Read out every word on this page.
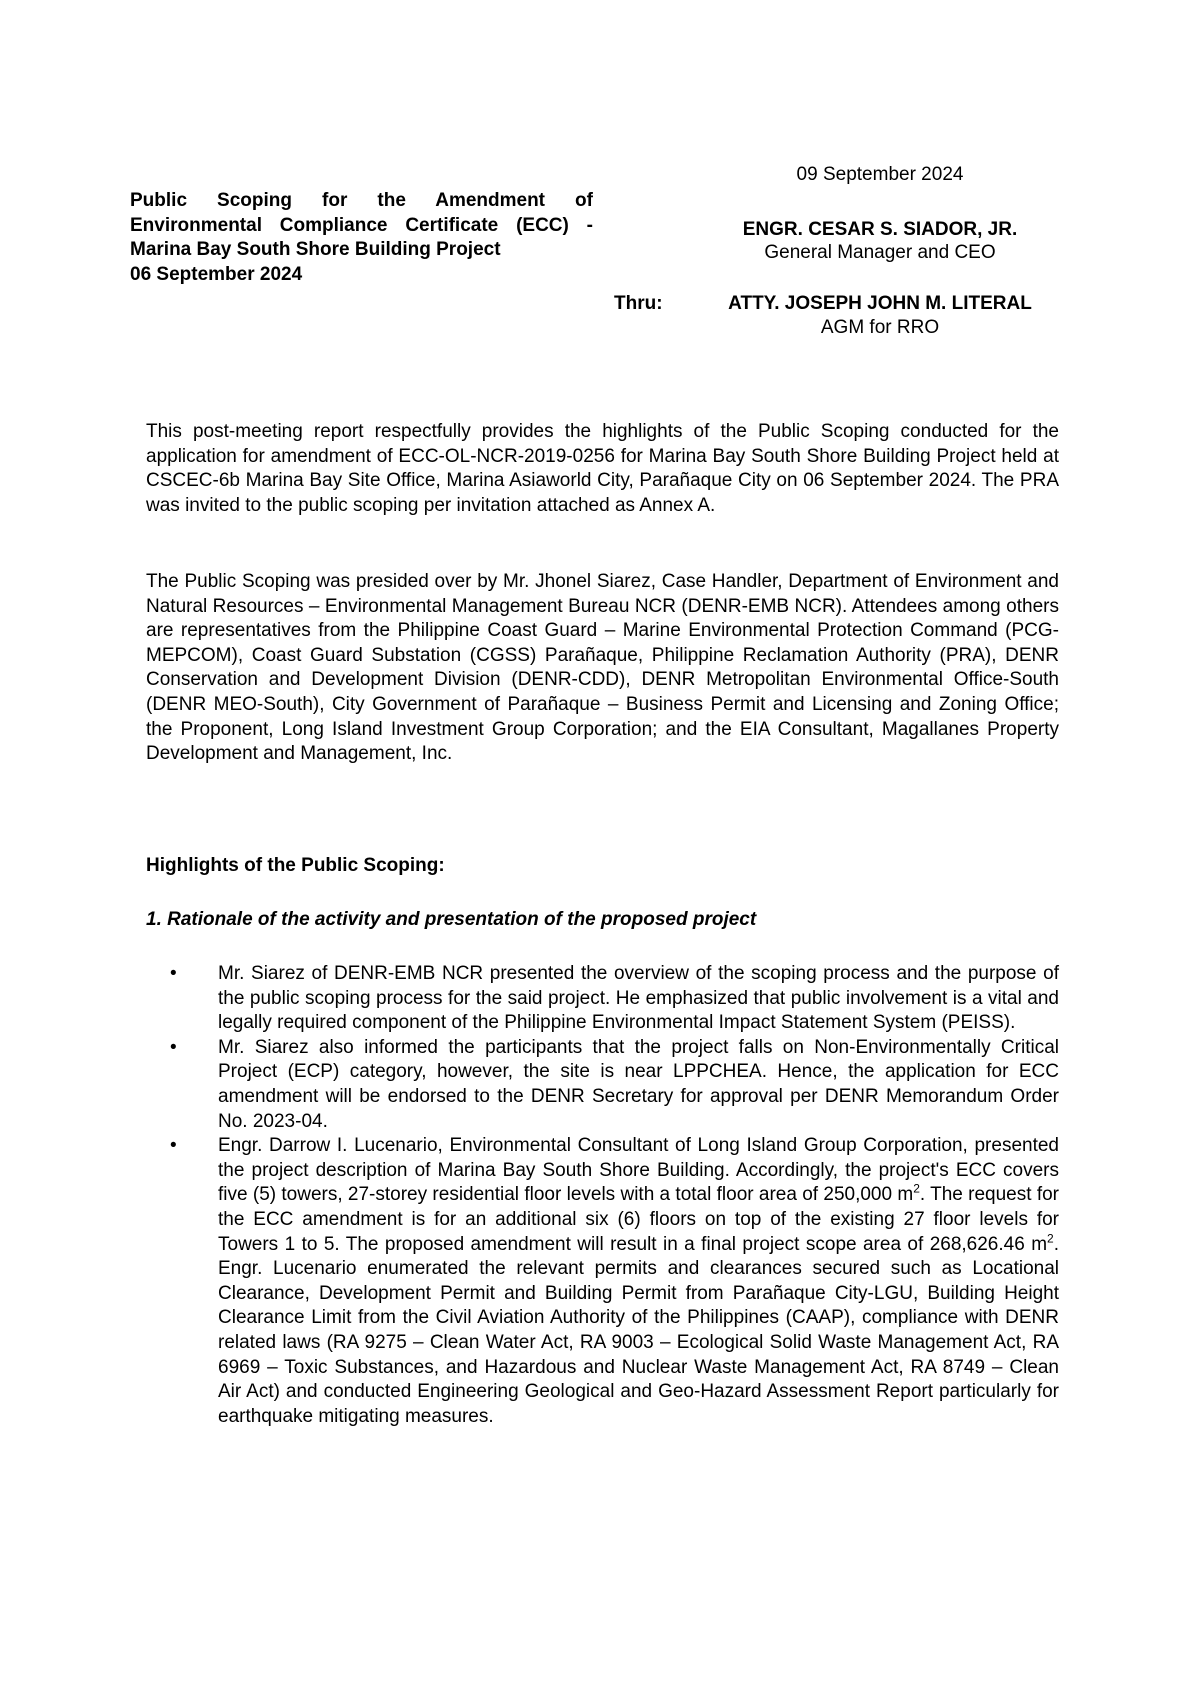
Public Scoping for the Amendment of Environmental Compliance Certificate (ECC) - Marina Bay South Shore Building Project
06 September 2024
09 September 2024
ENGR. CESAR S. SIADOR, JR.
General Manager and CEO
Thru:	ATTY. JOSEPH JOHN M. LITERAL
AGM for RRO
This post-meeting report respectfully provides the highlights of the Public Scoping conducted for the application for amendment of ECC-OL-NCR-2019-0256 for Marina Bay South Shore Building Project held at CSCEC-6b Marina Bay Site Office, Marina Asiaworld City, Parañaque City on 06 September 2024. The PRA was invited to the public scoping per invitation attached as Annex A.
The Public Scoping was presided over by Mr. Jhonel Siarez, Case Handler, Department of Environment and Natural Resources – Environmental Management Bureau NCR (DENR-EMB NCR). Attendees among others are representatives from the Philippine Coast Guard – Marine Environmental Protection Command (PCG-MEPCOM), Coast Guard Substation (CGSS) Parañaque, Philippine Reclamation Authority (PRA), DENR Conservation and Development Division (DENR-CDD), DENR Metropolitan Environmental Office-South (DENR MEO-South), City Government of Parañaque – Business Permit and Licensing and Zoning Office; the Proponent, Long Island Investment Group Corporation; and the EIA Consultant, Magallanes Property Development and Management, Inc.
Highlights of the Public Scoping:
1. Rationale of the activity and presentation of the proposed project
• Mr. Siarez of DENR-EMB NCR presented the overview of the scoping process and the purpose of the public scoping process for the said project. He emphasized that public involvement is a vital and legally required component of the Philippine Environmental Impact Statement System (PEISS).
• Mr. Siarez also informed the participants that the project falls on Non-Environmentally Critical Project (ECP) category, however, the site is near LPPCHEA. Hence, the application for ECC amendment will be endorsed to the DENR Secretary for approval per DENR Memorandum Order No. 2023-04.
• Engr. Darrow I. Lucenario, Environmental Consultant of Long Island Group Corporation, presented the project description of Marina Bay South Shore Building. Accordingly, the project's ECC covers five (5) towers, 27-storey residential floor levels with a total floor area of 250,000 $m^2$. The request for the ECC amendment is for an additional six (6) floors on top of the existing 27 floor levels for Towers 1 to 5. The proposed amendment will result in a final project scope area of 268,626.46 $m^2$. Engr. Lucenario enumerated the relevant permits and clearances secured such as Locational Clearance, Development Permit and Building Permit from Parañaque City-LGU, Building Height Clearance Limit from the Civil Aviation Authority of the Philippines (CAAP), compliance with DENR related laws (RA 9275 – Clean Water Act, RA 9003 – Ecological Solid Waste Management Act, RA 6969 – Toxic Substances, and Hazardous and Nuclear Waste Management Act, RA 8749 – Clean Air Act) and conducted Engineering Geological and Geo-Hazard Assessment Report particularly for earthquake mitigating measures.
